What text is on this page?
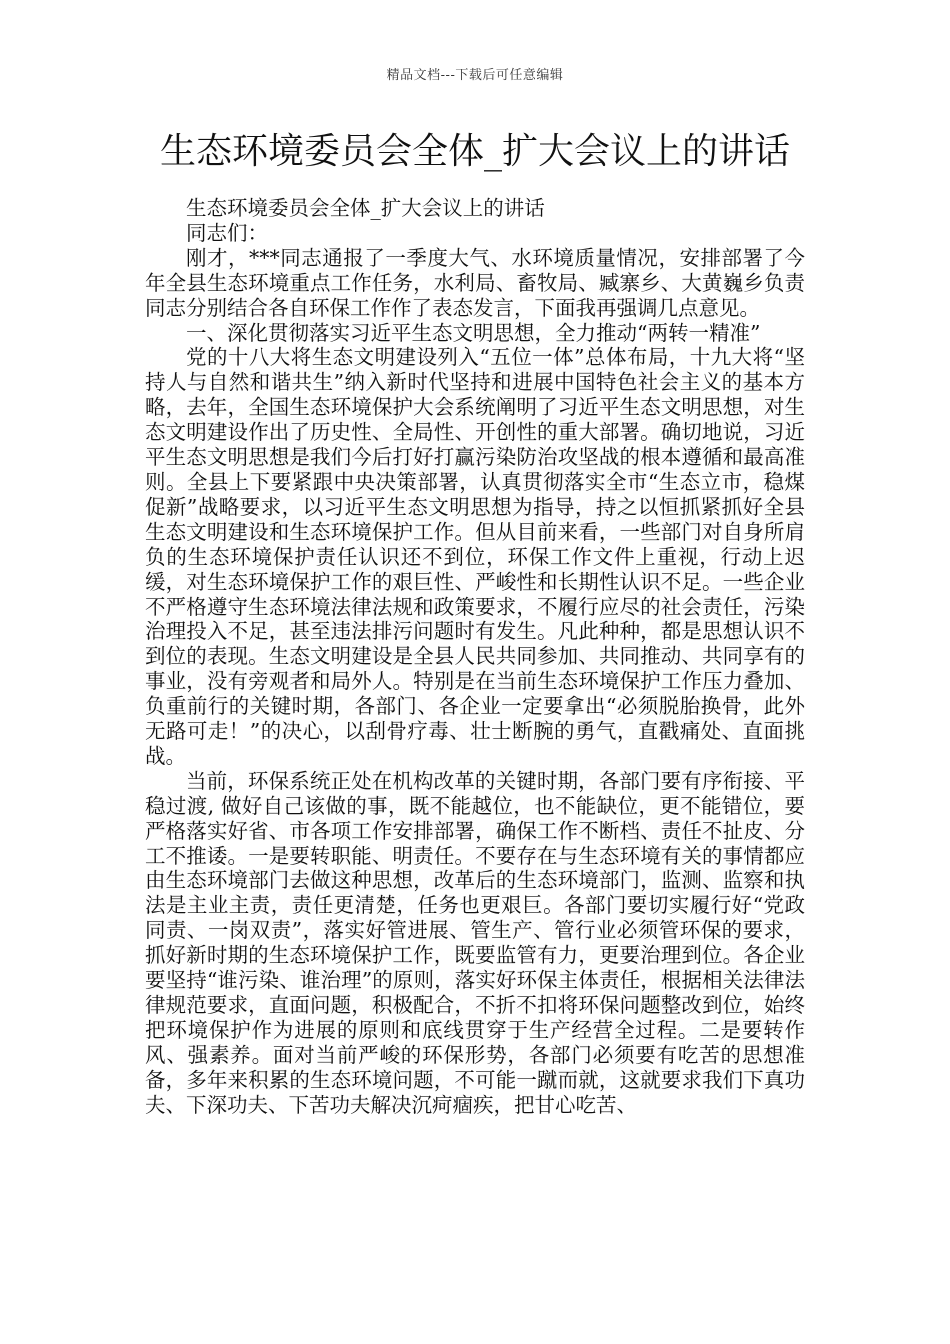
精品文档---下载后可任意编辑
生态环境委员会全体_扩大会议上的讲话

生态环境委员会全体_扩大会议上的讲话

同志们：

刚才，***同志通报了一季度大气、水环境质量情况，安排部署了今年全县生态环境重点工作任务，水利局、畜牧局、臧寨乡、大黄巍乡负责同志分别结合各自环保工作作了表态发言，下面我再强调几点意见。

一、深化贯彻落实习近平生态文明思想，全力推动“两转一精准”

党的十八大将生态文明建设列入“五位一体”总体布局，十九大将“坚持人与自然和谐共生”纳入新时代坚持和进展中国特色社会主义的基本方略，去年，全国生态环境保护大会系统阐明了习近平生态文明思想，对生态文明建设作出了历史性、全局性、开创性的重大部署。确切地说，习近平生态文明思想是我们今后打好打赢污染防治攻坚战的根本遵循和最高准则。全县上下要紧跟中央决策部署，认真贯彻落实全市“生态立市，稳煤促新”战略要求，以习近平生态文明思想为指导，持之以恒抓紧抓好全县生态文明建设和生态环境保护工作。但从目前来看，一些部门对自身所肩负的生态环境保护责任认识还不到位，环保工作文件上重视，行动上迟缓，对生态环境保护工作的艰巨性、严峻性和长期性认识不足。一些企业不严格遵守生态环境法律法规和政策要求，不履行应尽的社会责任，污染治理投入不足，甚至违法排污问题时有发生。凡此种种，都是思想认识不到位的表现。生态文明建设是全县人民共同参加、共同推动、共同享有的事业，没有旁观者和局外人。特别是在当前生态环境保护工作压力叠加、负重前行的关键时期，各部门、各企业一定要拿出“必须脱胎换骨，此外无路可走！”的决心，以刮骨疗毒、壮士断腕的勇气，直戳痛处、直面挑战。

当前，环保系统正处在机构改革的关键时期，各部门要有序衔接、平稳过渡, 做好自己该做的事，既不能越位，也不能缺位，更不能错位，要严格落实好省、市各项工作安排部署，确保工作不断档、责任不扯皮、分工不推诿。一是要转职能、明责任。不要存在与生态环境有关的事情都应由生态环境部门去做这种思想，改革后的生态环境部门，监测、监察和执法是主业主责，责任更清楚，任务也更艰巨。各部门要切实履行好“党政同责、一岗双责”，落实好管进展、管生产、管行业必须管环保的要求，抓好新时期的生态环境保护工作，既要监管有力，更要治理到位。各企业要坚持“谁污染、谁治理”的原则，落实好环保主体责任，根据相关法律法律规范要求，直面问题，积极配合，不折不扣将环保问题整改到位，始终把环境保护作为进展的原则和底线贯穿于生产经营全过程。二是要转作风、强素养。面对当前严峻的环保形势，各部门必须要有吃苦的思想准备，多年来积累的生态环境问题，不可能一蹴而就，这就要求我们下真功夫、下深功夫、下苦功夫解决沉疴痼疾，把甘心吃苦、
